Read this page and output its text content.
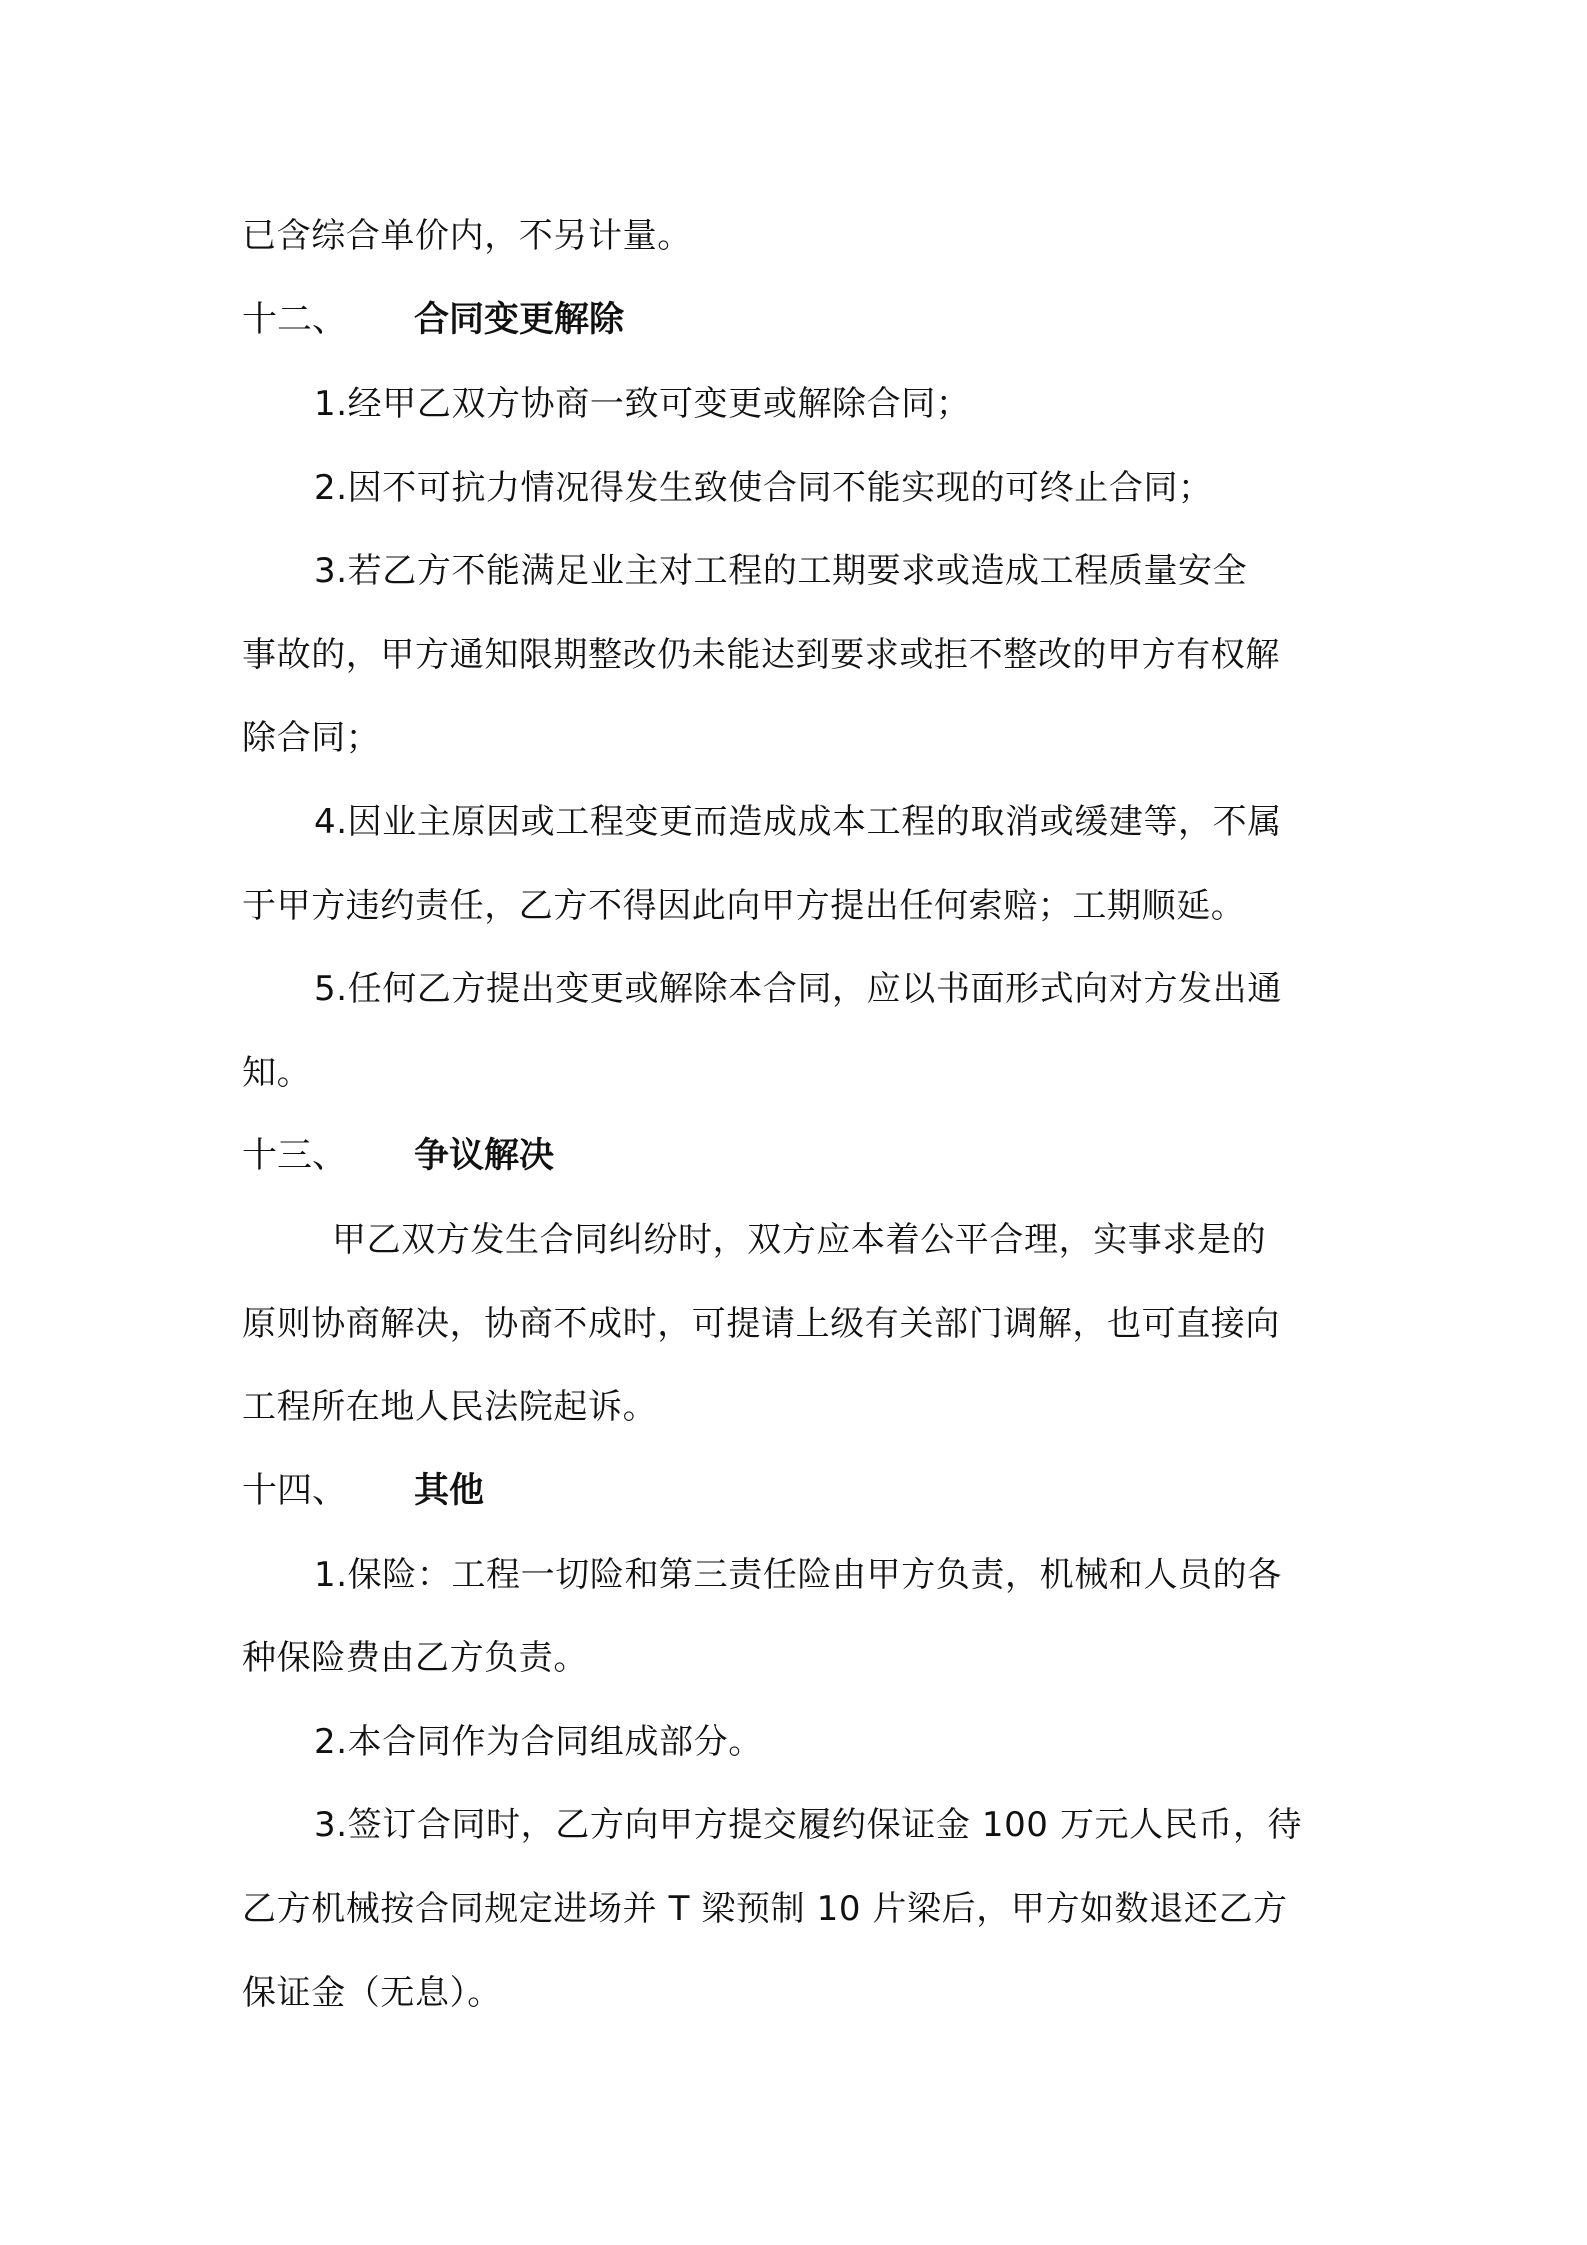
已含综合单价内，不另计量。
十二、 合同变更解除
1.经甲乙双方协商一致可变更或解除合同；
2.因不可抗力情况得发生致使合同不能实现的可终止合同；
3.若乙方不能满足业主对工程的工期要求或造成工程质量安全
事故的，甲方通知限期整改仍未能达到要求或拒不整改的甲方有权解
除合同；
4.因业主原因或工程变更而造成成本工程的取消或缓建等，不属
于甲方违约责任，乙方不得因此向甲方提出任何索赔；工期顺延。
5.任何乙方提出变更或解除本合同，应以书面形式向对方发出通
知。
十三、 争议解决
甲乙双方发生合同纠纷时，双方应本着公平合理，实事求是的
原则协商解决，协商不成时，可提请上级有关部门调解，也可直接向
工程所在地人民法院起诉。
十四、 其他
1.保险：工程一切险和第三责任险由甲方负责，机械和人员的各
种保险费由乙方负责。
2.本合同作为合同组成部分。
3.签订合同时，乙方向甲方提交履约保证金 100 万元人民币，待
乙方机械按合同规定进场并 T 梁预制 10 片梁后，甲方如数退还乙方
保证金（无息）。
